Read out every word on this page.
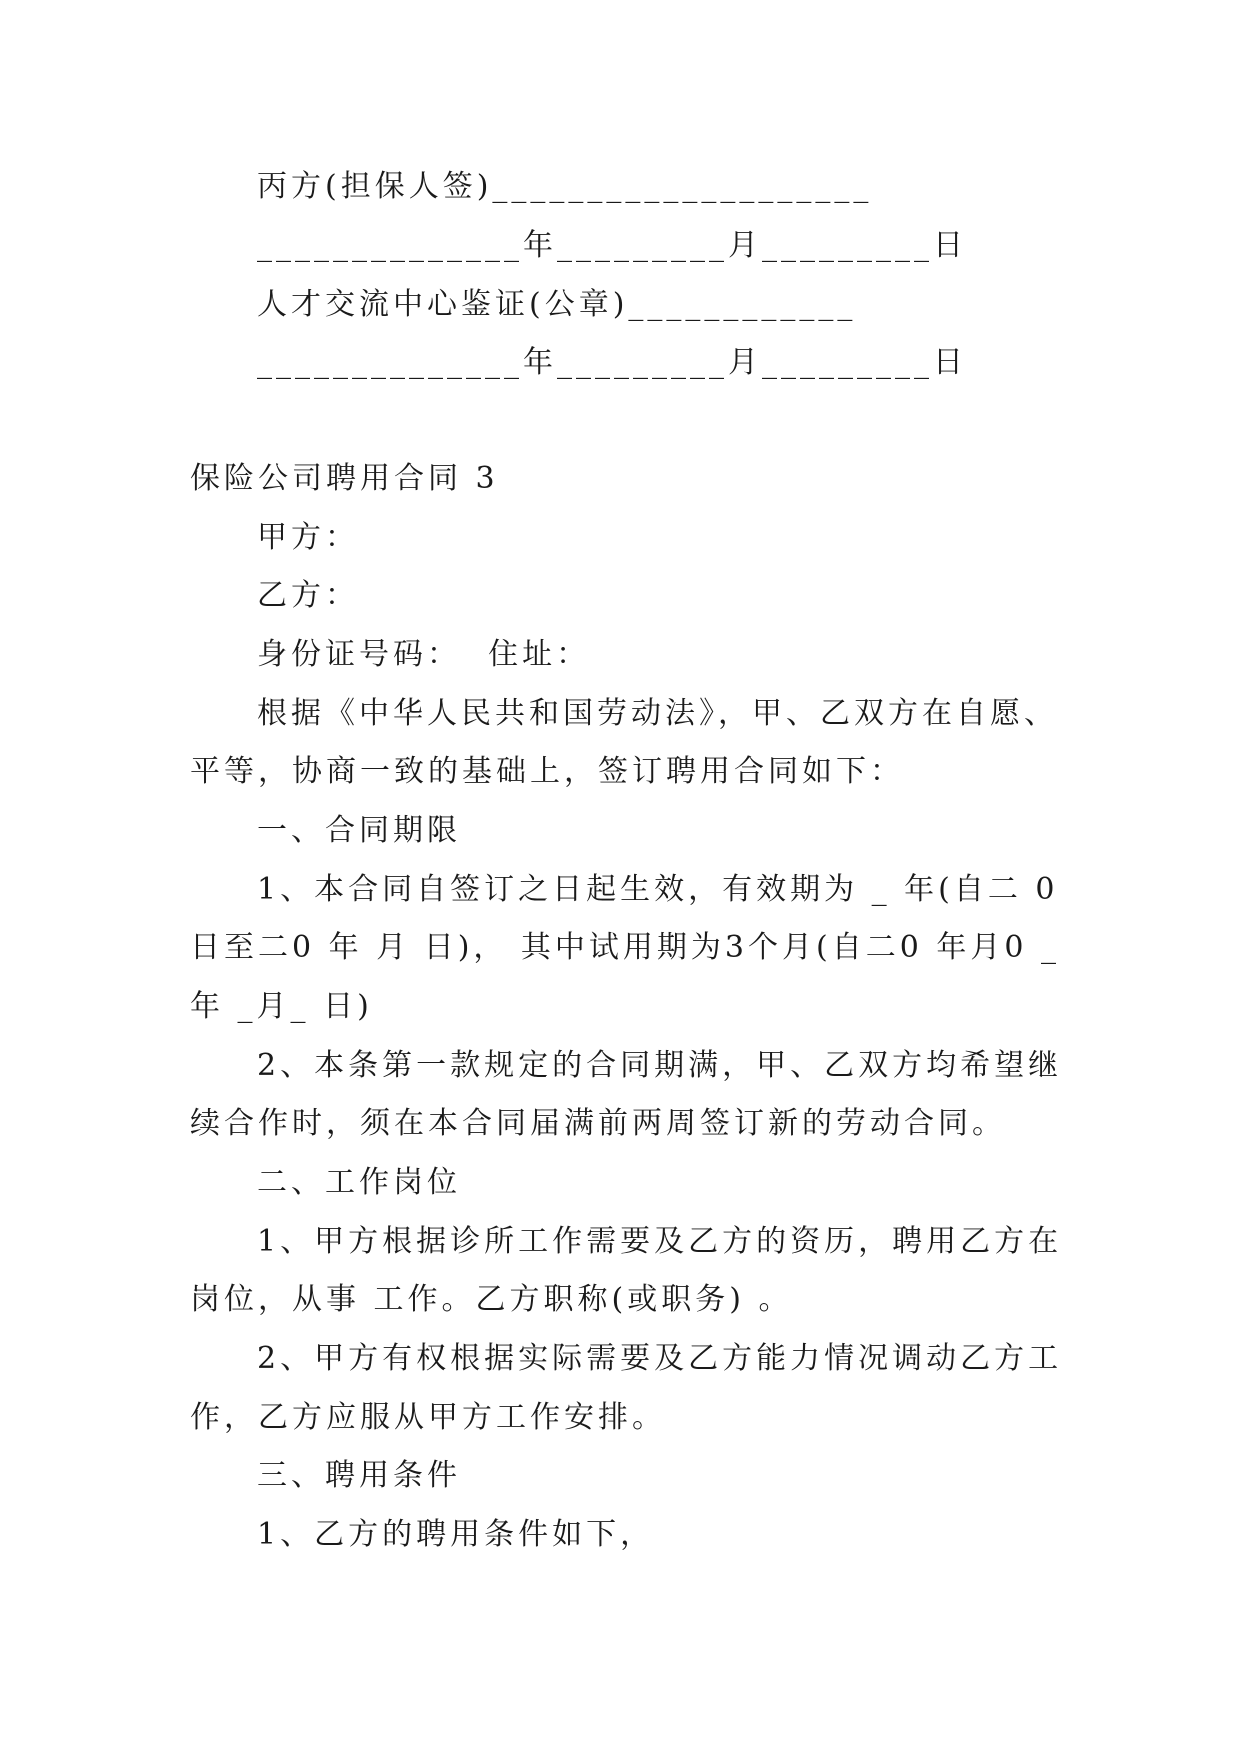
丙方(担保人签)____________________
______________年_________月_________日
人才交流中心鉴证(公章)____________
______________年_________月_________日
保险公司聘用合同 3
甲方：
乙方：
身份证号码：  住址：
根据《中华人民共和国劳动法》，甲、乙双方在自愿、
平等，协商一致的基础上，签订聘用合同如下：
一、合同期限
1、本合同自签订之日起生效，有效期为 _ 年(自二 0
日至二0 年 月 日)， 其中试用期为3个月(自二0 年月0 _
年 _月_ 日)
2、本条第一款规定的合同期满，甲、乙双方均希望继
续合作时，须在本合同届满前两周签订新的劳动合同。
二、工作岗位
1、甲方根据诊所工作需要及乙方的资历，聘用乙方在
岗位，从事 工作。乙方职称(或职务) 。
2、甲方有权根据实际需要及乙方能力情况调动乙方工
作，乙方应服从甲方工作安排。
三、聘用条件
1、乙方的聘用条件如下，
